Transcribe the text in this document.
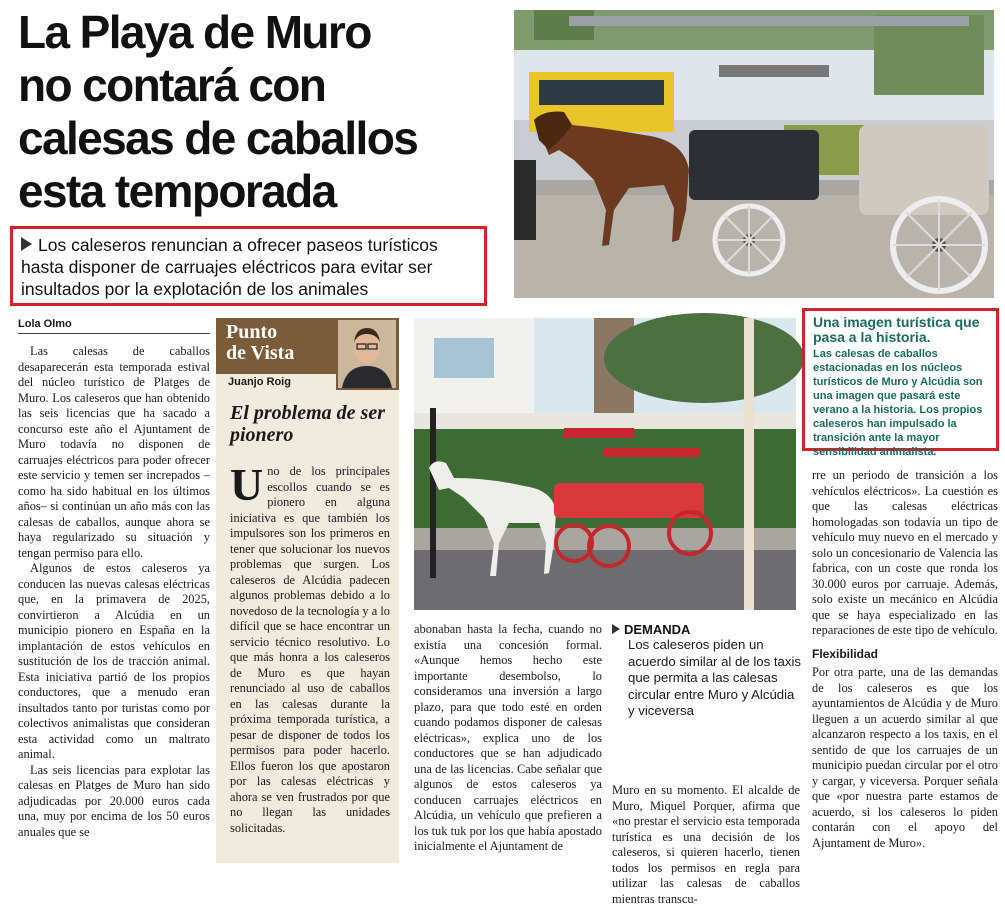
La Playa de Muro
no contará con
calesas de caballos
esta temporada
Los caleseros renuncian a ofrecer paseos turísticos hasta disponer de carruajes eléctricos para evitar ser insultados por la explotación de los animales
Lola Olmo

Las calesas de caballos desaparecerán esta temporada estival del núcleo turístico de Platges de Muro. Los caleseros que han obtenido las seis licencias que ha sacado a concurso este año el Ajuntament de Muro todavía no disponen de carruajes eléctricos para poder ofrecer este servicio y temen ser increpados –como ha sido habitual en los últimos años– si continúan un año más con las calesas de caballos, aunque ahora se haya regularizado su situación y tengan permiso para ello.

Algunos de estos caleseros ya conducen las nuevas calesas eléctricas que, en la primavera de 2025, convirtieron a Alcúdia en un municipio pionero en España en la implantación de estos vehículos en sustitución de los de tracción animal. Esta iniciativa partió de los propios conductores, que a menudo eran insultados tanto por turistas como por colectivos animalistas que consideran esta actividad como un maltrato animal.

Las seis licencias para explotar las calesas en Platges de Muro han sido adjudicadas por 20.000 euros cada una, muy por encima de los 50 euros anuales que se

Punto
de Vista
Juanjo Roig
El problema de ser pionero
Uno de los principales escollos cuando se es pionero en alguna iniciativa es que también los impulsores son los primeros en tener que solucionar los nuevos problemas que surgen. Los caleseros de Alcúdia padecen algunos problemas debido a lo novedoso de la tecnología y a lo difícil que se hace encontrar un servicio técnico resolutivo. Lo que más honra a los caleseros de Muro es que hayan renunciado al uso de caballos en las calesas durante la próxima temporada turística, a pesar de disponer de todos los permisos para poder hacerlo. Ellos fueron los que apostaron por las calesas eléctricas y ahora se ven frustrados por que no llegan las unidades solicitadas.

abonaban hasta la fecha, cuando no existía una concesión formal. «Aunque hemos hecho este importante desembolso, lo consideramos una inversión a largo plazo, para que todo esté en orden cuando podamos disponer de calesas eléctricas», explica uno de los conductores que se han adjudicado una de las licencias. Cabe señalar que algunos de estos caleseros ya conducen carruajes eléctricos en Alcúdia, un vehículo que prefieren a los tuk tuk por los que había apostado inicialmente el Ajuntament de

DEMANDA
Los caleseros piden un acuerdo similar al de los taxis que permita a las calesas circular entre Muro y Alcúdia y viceversa

Muro en su momento. El alcalde de Muro, Miquel Porquer, afirma que «no prestar el servicio esta temporada turística es una decisión de los caleseros, si quieren hacerlo, tienen todos los permisos en regla para utilizar las calesas de caballos mientras transcu-

Una imagen turística que pasa a la historia.
Las calesas de caballos estacionadas en los núcleos turísticos de Muro y Alcúdia son una imagen que pasará este verano a la historia. Los propios caleseros han impulsado la transición ante la mayor sensibilidad animalista.

rre un periodo de transición a los vehículos eléctricos». La cuestión es que las calesas eléctricas homologadas son todavía un tipo de vehículo muy nuevo en el mercado y solo un concesionario de Valencia las fabrica, con un coste que ronda los 30.000 euros por carruaje. Además, solo existe un mecánico en Alcúdia que se haya especializado en las reparaciones de este tipo de vehículo.

Flexibilidad

Por otra parte, una de las demandas de los caleseros es que los ayuntamientos de Alcúdia y de Muro lleguen a un acuerdo similar al que alcanzaron respecto a los taxis, en el sentido de que los carruajes de un municipio puedan circular por el otro y cargar, y viceversa. Porquer señala que «por nuestra parte estamos de acuerdo, si los caleseros lo piden contarán con el apoyo del Ajuntament de Muro».
